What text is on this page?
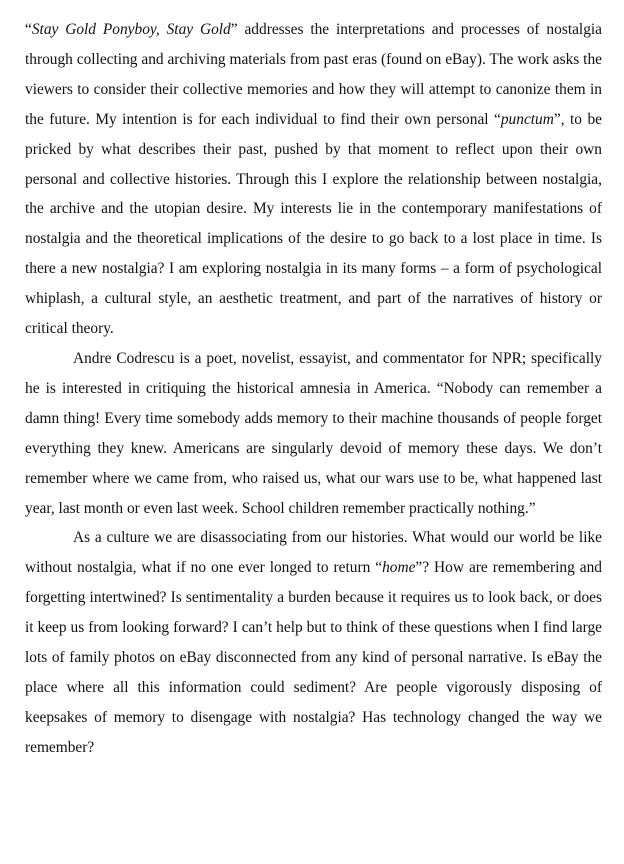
“Stay Gold Ponyboy, Stay Gold” addresses the interpretations and processes of nostalgia through collecting and archiving materials from past eras (found on eBay). The work asks the viewers to consider their collective memories and how they will attempt to canonize them in the future. My intention is for each individual to find their own personal “punctum”, to be pricked by what describes their past, pushed by that moment to reflect upon their own personal and collective histories. Through this I explore the relationship between nostalgia, the archive and the utopian desire. My interests lie in the contemporary manifestations of nostalgia and the theoretical implications of the desire to go back to a lost place in time. Is there a new nostalgia? I am exploring nostalgia in its many forms – a form of psychological whiplash, a cultural style, an aesthetic treatment, and part of the narratives of history or critical theory.

Andre Codrescu is a poet, novelist, essayist, and commentator for NPR; specifically he is interested in critiquing the historical amnesia in America. “Nobody can remember a damn thing! Every time somebody adds memory to their machine thousands of people forget everything they knew. Americans are singularly devoid of memory these days. We don’t remember where we came from, who raised us, what our wars use to be, what happened last year, last month or even last week. School children remember practically nothing.”

As a culture we are disassociating from our histories. What would our world be like without nostalgia, what if no one ever longed to return “home”? How are remembering and forgetting intertwined? Is sentimentality a burden because it requires us to look back, or does it keep us from looking forward? I can’t help but to think of these questions when I find large lots of family photos on eBay disconnected from any kind of personal narrative. Is eBay the place where all this information could sediment? Are people vigorously disposing of keepsakes of memory to disengage with nostalgia? Has technology changed the way we remember?
